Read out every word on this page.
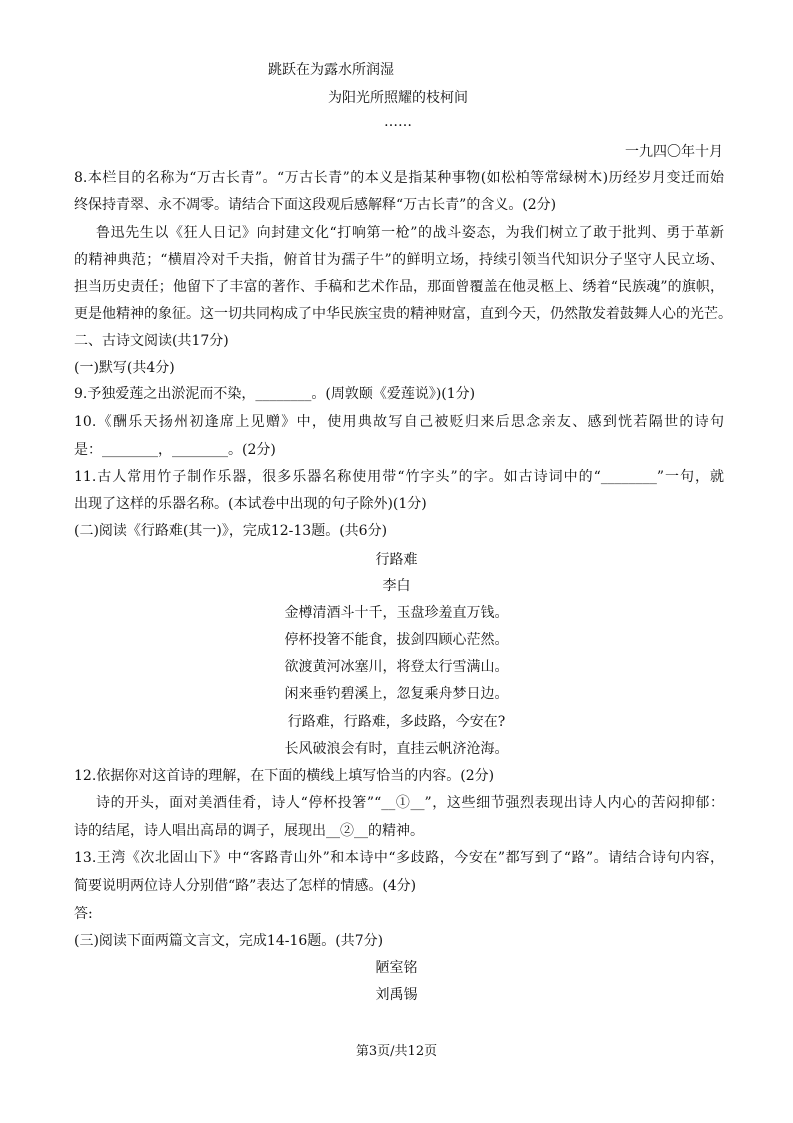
跳跃在为露水所润湿
为阳光所照耀的枝柯间
……
一九四〇年十月
8.本栏目的名称为“万古长青”。“万古长青”的本义是指某种事物(如松柏等常绿树木)历经岁月变迁而始
终保持青翠、永不凋零。请结合下面这段观后感解释“万古长青”的含义。(2分)
鲁迅先生以《狂人日记》向封建文化“打响第一枪”的战斗姿态，为我们树立了敢于批判、勇于革新
的精神典范；“横眉冷对千夫指，俯首甘为孺子牛”的鲜明立场，持续引领当代知识分子坚守人民立场、
担当历史责任；他留下了丰富的著作、手稿和艺术作品，那面曾覆盖在他灵柩上、绣着“民族魂”的旗帜，
更是他精神的象征。这一切共同构成了中华民族宝贵的精神财富，直到今天，仍然散发着鼓舞人心的光芒。
二、古诗文阅读(共17分)
(一)默写(共4分)
9.予独爱莲之出淤泥而不染，________。(周敦颐《爱莲说》)(1分)
10.《酬乐天扬州初逢席上见赠》中，使用典故写自己被贬归来后思念亲友、感到恍若隔世的诗句
是：________，________。(2分)
11.古人常用竹子制作乐器，很多乐器名称使用带“竹字头”的字。如古诗词中的“________”一句，就
出现了这样的乐器名称。(本试卷中出现的句子除外)(1分)
(二)阅读《行路难(其一)》，完成12-13题。(共6分)
行路难
李白
金樽清酒斗十千，玉盘珍羞直万钱。
停杯投箸不能食，拔剑四顾心茫然。
欲渡黄河冰塞川，将登太行雪满山。
闲来垂钓碧溪上，忽复乘舟梦日边。
行路难，行路难，多歧路，今安在?
长风破浪会有时，直挂云帆济沧海。
12.依据你对这首诗的理解，在下面的横线上填写恰当的内容。(2分)
诗的开头，面对美酒佳肴，诗人“停杯投箸”“__①__”，这些细节强烈表现出诗人内心的苦闷抑郁：
诗的结尾，诗人唱出高昂的调子，展现出__②__的精神。
13.王湾《次北固山下》中“客路青山外”和本诗中“多歧路，今安在”都写到了“路”。请结合诗句内容，
简要说明两位诗人分别借“路”表达了怎样的情感。(4分)
答:
(三)阅读下面两篇文言文，完成14-16题。(共7分)
陋室铭
刘禹锡
第3页/共12页
